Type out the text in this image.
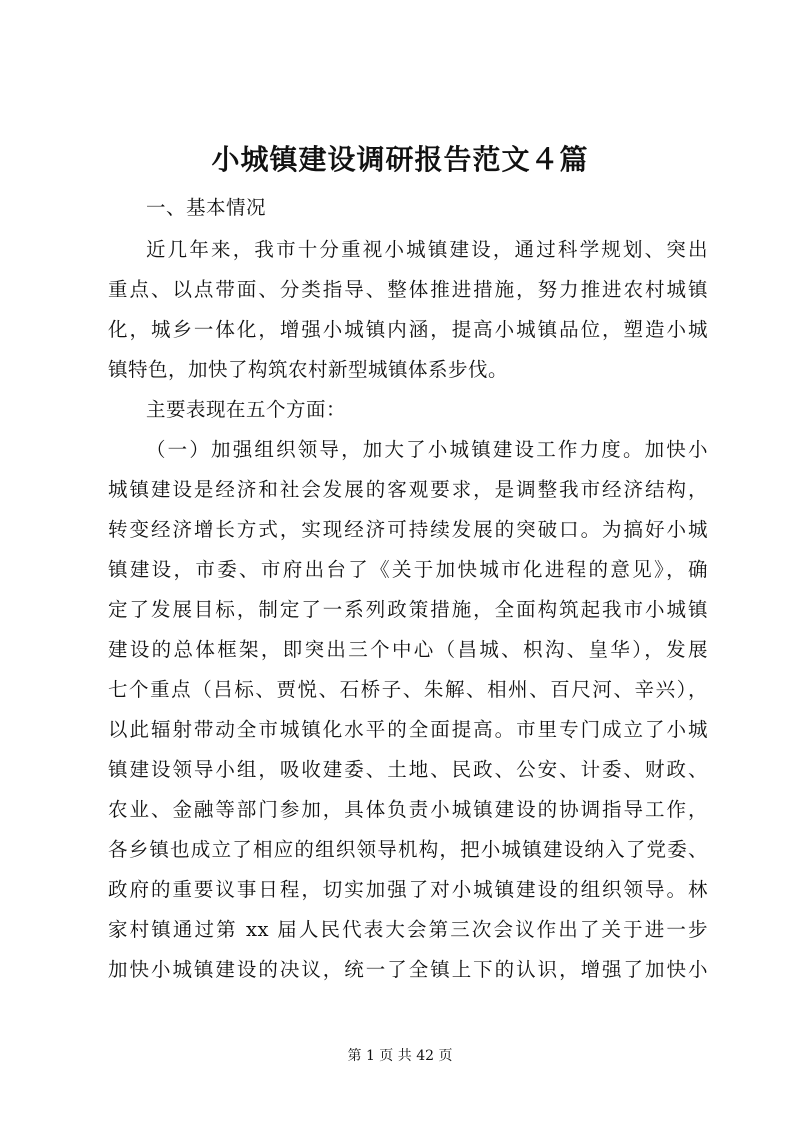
小城镇建设调研报告范文４篇
一、基本情况
近几年来，我市十分重视小城镇建设，通过科学规划、突出
重点、以点带面、分类指导、整体推进措施，努力推进农村城镇
化，城乡一体化，增强小城镇内涵，提高小城镇品位，塑造小城
镇特色，加快了构筑农村新型城镇体系步伐。
主要表现在五个方面：
（一）加强组织领导，加大了小城镇建设工作力度。加快小
城镇建设是经济和社会发展的客观要求，是调整我市经济结构，
转变经济增长方式，实现经济可持续发展的突破口。为搞好小城
镇建设，市委、市府出台了《关于加快城市化进程的意见》，确
定了发展目标，制定了一系列政策措施，全面构筑起我市小城镇
建设的总体框架，即突出三个中心（昌城、枳沟、皇华），发展
七个重点（吕标、贾悦、石桥子、朱解、相州、百尺河、辛兴），
以此辐射带动全市城镇化水平的全面提高。市里专门成立了小城
镇建设领导小组，吸收建委、土地、民政、公安、计委、财政、
农业、金融等部门参加，具体负责小城镇建设的协调指导工作，
各乡镇也成立了相应的组织领导机构，把小城镇建设纳入了党委、
政府的重要议事日程，切实加强了对小城镇建设的组织领导。林
家村镇通过第 xx 届人民代表大会第三次会议作出了关于进一步
加快小城镇建设的决议，统一了全镇上下的认识，增强了加快小
第 1 页 共 42 页
